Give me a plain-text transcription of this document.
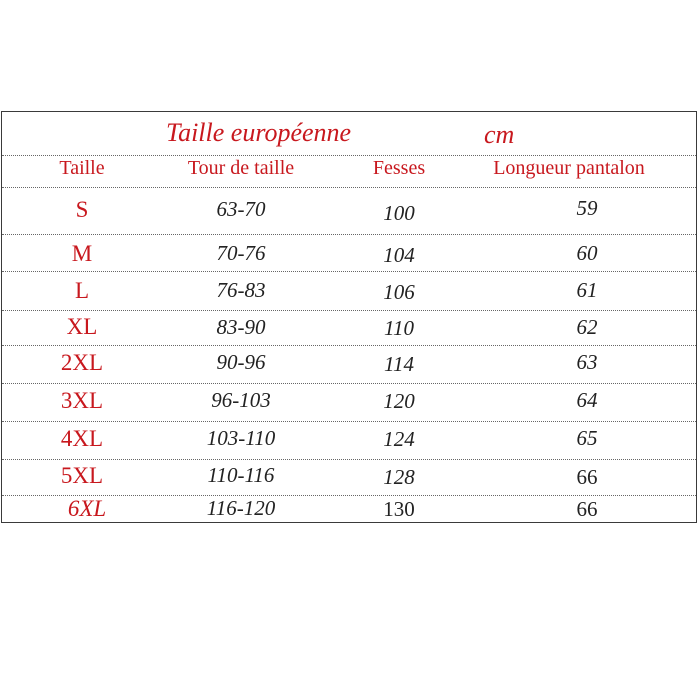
Taille européenne	cm
Taille	Tour de taille	Fesses	Longueur pantalon
S	63-70	100	59
M	70-76	104	60
L	76-83	106	61
XL	83-90	110	62
2XL	90-96	114	63
3XL	96-103	120	64
4XL	103-110	124	65
5XL	110-116	128	66
6XL	116-120	130	66
